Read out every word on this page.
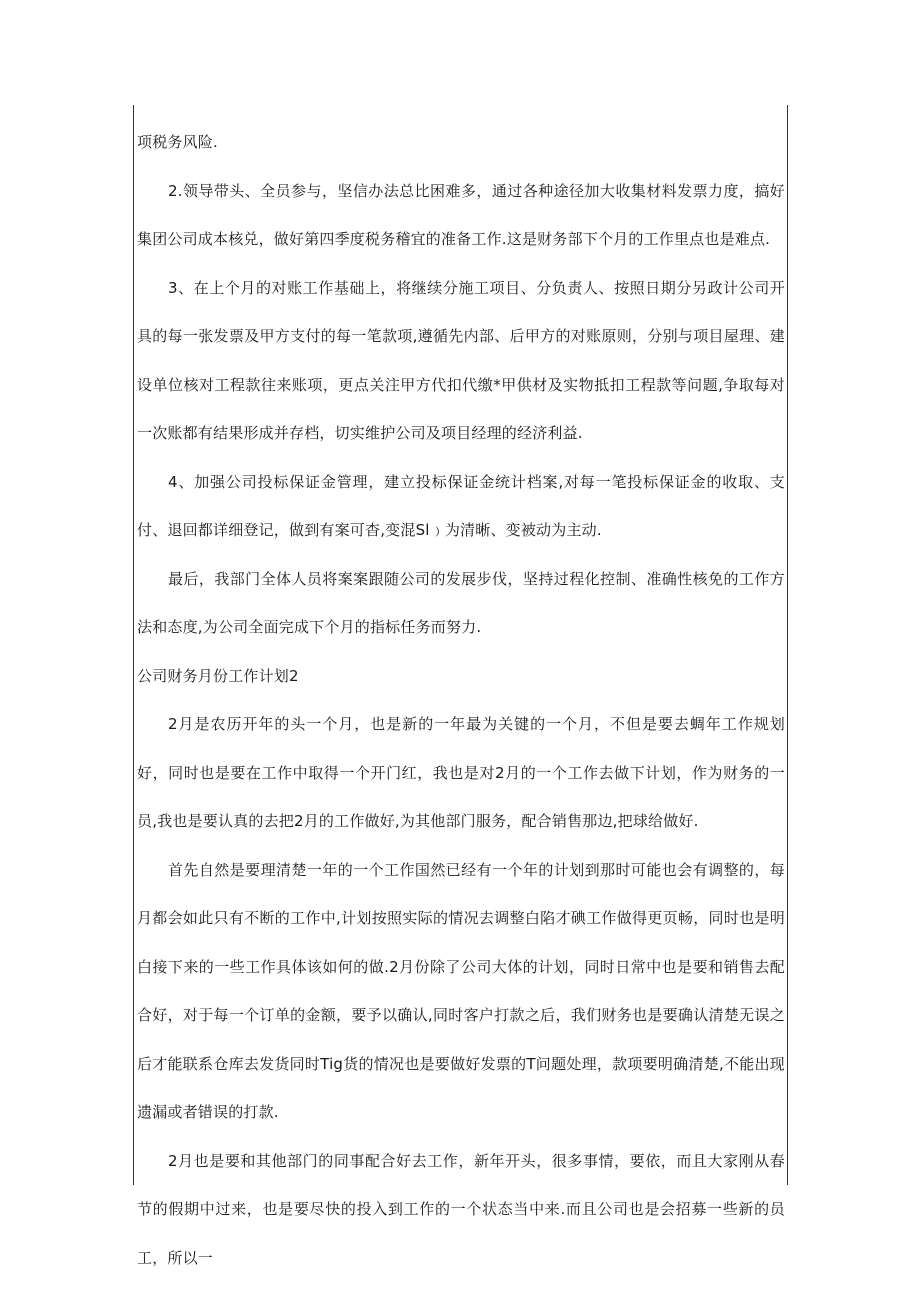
项税务风险.

2.领导带头、全员参与，坚信办法总比困难多，通过各种途径加大收集材料发票力度，搞好集团公司成本核兑，做好第四季度税务稽宜的准备工作.这是财务部下个月的工作里点也是难点.

3、在上个月的对账工作基础上，将继续分施工项目、分负责人、按照日期分另政计公司开具的每一张发票及甲方支付的每一笔款项,遵循先内部、后甲方的对账原则，分别与项目屋理、建设单位核对工程款往来账项，更点关注甲方代扣代缴*甲供材及实物抵扣工程款等问题,争取每对一次账都有结果形成并存档，切实维护公司及项目经理的经济利益.

4、加强公司投标保证金管理，建立投标保证金统计档案,对每一笔投标保证金的收取、支付、退回都详细登记，做到有案可杳,变混Sl﹚为清晰、变被动为主动.

最后，我部门全体人员将案案跟随公司的发展步伐，坚持过程化控制、准确性核免的工作方法和态度,为公司全面完成下个月的指标任务而努力.

公司财务月份工作计划2

2月是农历开年的头一个月，也是新的一年最为关键的一个月，不但是要去蜩年工作规划好，同时也是要在工作中取得一个开门红，我也是对2月的一个工作去做下计划，作为财务的一员,我也是要认真的去把2月的工作做好,为其他部门服务，配合销售那边,把球给做好.

首先自然是要理清楚一年的一个工作国然已经有一个年的计划到那时可能也会有调整的，每月都会如此只有不断的工作中,计划按照实际的情况去调整白陷才碘工作做得更页畅，同时也是明白接下来的一些工作具体该如何的做.2月份除了公司大体的计划，同时日常中也是要和销售去配合好，对于每一个订单的金额，要予以确认,同时客户打款之后，我们财务也是要确认清楚无误之后才能联系仓库去发货同时Tig货的情况也是要做好发票的T问题处理，款项要明确清楚,不能出现遗漏或者错误的打款.

2月也是要和其他部门的同事配合好去工作，新年开头，很多事情，要依，而且大家刚从春节的假期中过来，也是要尽快的投入到工作的一个状态当中来.而且公司也是会招募一些新的员工，所以一
